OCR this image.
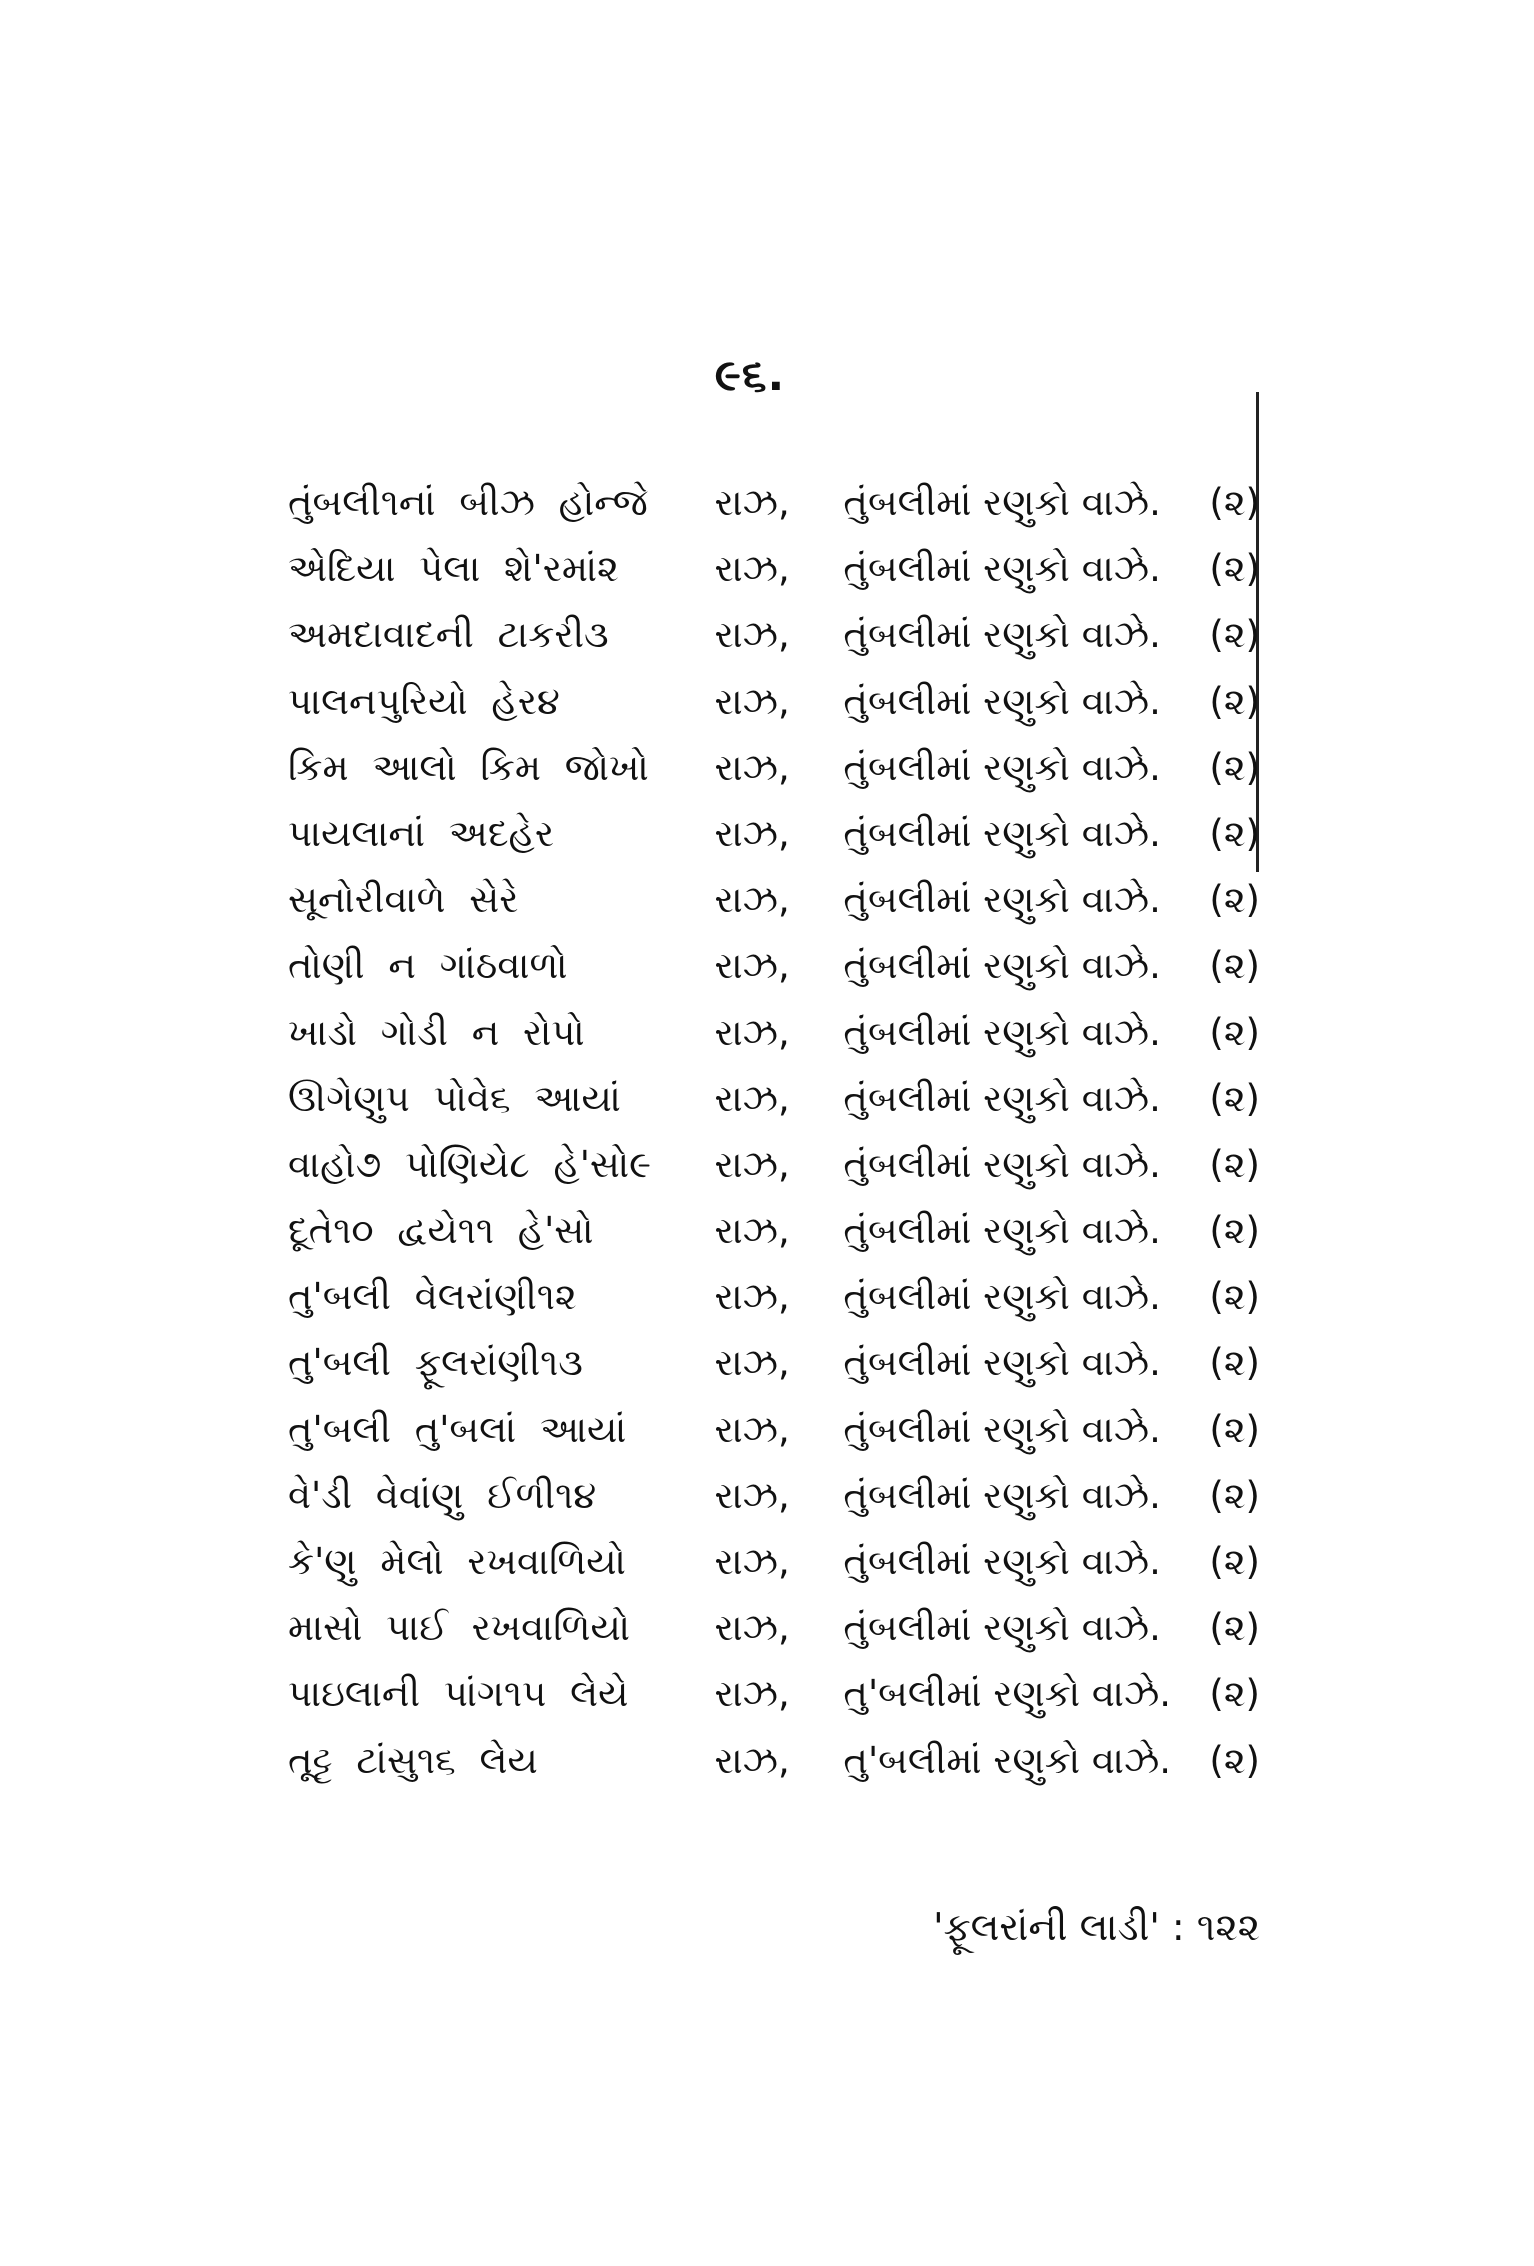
૯૬.
તુંબલી૧નાં બીઝ હોન્જે	રાઝ,	તુંબલીમાં રણુકો વાઝે.	(૨)
એદિયા પેલા શે'રમાં૨	રાઝ,	તુંબલીમાં રણુકો વાઝે.	(૨)
અમદાવાદની ટાકરી૩	રાઝ,	તુંબલીમાં રણુકો વાઝે.	(૨)
પાલનપુરિયો હેર૪	રાઝ,	તુંબલીમાં રણુકો વાઝે.	(૨)
કિમ આલો કિમ જોખો	રાઝ,	તુંબલીમાં રણુકો વાઝે.	(૨)
પાયલાનાં અદહેર	રાઝ,	તુંબલીમાં રણુકો વાઝે.	(૨)
સૂનોરીવાળે સેરે	રાઝ,	તુંબલીમાં રણુકો વાઝે.	(૨)
તોણી ન ગાંઠવાળો	રાઝ,	તુંબલીમાં રણુકો વાઝે.	(૨)
ખાડો ગોડી ન રોપો	રાઝ,	તુંબલીમાં રણુકો વાઝે.	(૨)
ઊગેણુ૫ પોવે૬ આયાં	રાઝ,	તુંબલીમાં રણુકો વાઝે.	(૨)
વાહો૭ પોણિયે૮ હે'સો૯	રાઝ,	તુંબલીમાં રણુકો વાઝે.	(૨)
દૂતે૧૦ દ્વયે૧૧ હે'સો	રાઝ,	તુંબલીમાં રણુકો વાઝે.	(૨)
તુ'બલી વેલરાંણી૧૨	રાઝ,	તુંબલીમાં રણુકો વાઝે.	(૨)
તુ'બલી ફૂલરાંણી૧૩	રાઝ,	તુંબલીમાં રણુકો વાઝે.	(૨)
તુ'બલી તુ'બલાં આયાં	રાઝ,	તુંબલીમાં રણુકો વાઝે.	(૨)
વે'ડી વેવાંણુ ઈળી૧૪	રાઝ,	તુંબલીમાં રણુકો વાઝે.	(૨)
કે'ણુ મેલો રખવાળિયો	રાઝ,	તુંબલીમાં રણુકો વાઝે.	(૨)
માસો પાઈ રખવાળિયો	રાઝ,	તુંબલીમાં રણુકો વાઝે.	(૨)
પાઇલાની પાંગ૧૫ લેયે	રાઝ,	તુ'બલીમાં રણુકો વાઝે.	(૨)
તૂટ્ટ ટાંસુ૧૬ લેય	રાઝ,	તુ'બલીમાં રણુકો વાઝે.	(૨)
'ફૂલરાંની લાડી' : ૧૨૨
